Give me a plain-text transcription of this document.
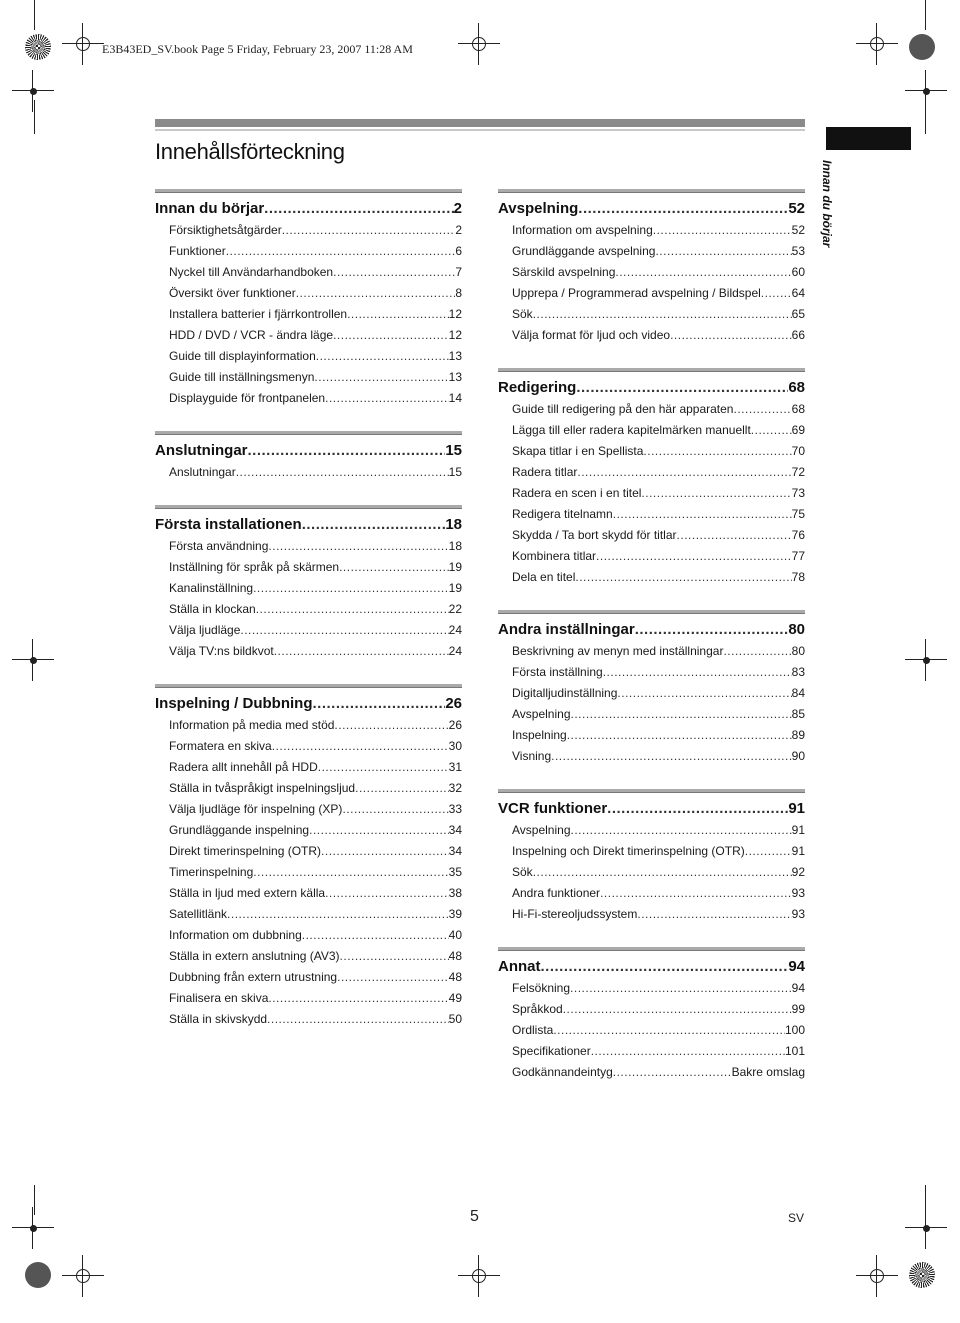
E3B43ED_SV.book Page 5 Friday, February 23, 2007 11:28 AM
Innehållsförteckning
Innan du börjar
Innan du börjar .....	2
Försiktighetsåtgärder .....	2
Funktioner .....	6
Nyckel till Användarhandboken .....	7
Översikt över funktioner .....	8
Installera batterier i fjärrkontrollen .....	12
HDD / DVD / VCR - ändra läge .....	12
Guide till displayinformation .....	13
Guide till inställningsmenyn .....	13
Displayguide för frontpanelen .....	14
Anslutningar .....	15
Anslutningar .....	15
Första installationen .....	18
Första användning .....	18
Inställning för språk på skärmen .....	19
Kanalinställning .....	19
Ställa in klockan .....	22
Välja ljudläge .....	24
Välja TV:ns bildkvot .....	24
Inspelning / Dubbning .....	26
Information på media med stöd .....	26
Formatera en skiva .....	30
Radera allt innehåll på HDD .....	31
Ställa in tvåspråkigt inspelningsljud .....	32
Välja ljudläge för inspelning (XP) .....	33
Grundläggande inspelning .....	34
Direkt timerinspelning (OTR) .....	34
Timerinspelning .....	35
Ställa in ljud med extern källa .....	38
Satellitlänk .....	39
Information om dubbning .....	40
Ställa in extern anslutning (AV3) .....	48
Dubbning från extern utrustning .....	48
Finalisera en skiva .....	49
Ställa in skivskydd .....	50
Avspelning .....	52
Information om avspelning .....	52
Grundläggande avspelning .....	53
Särskild avspelning .....	60
Upprepa / Programmerad avspelning / Bildspel .....	64
Sök .....	65
Välja format för ljud och video .....	66
Redigering .....	68
Guide till redigering på den här apparaten .....	68
Lägga till eller radera kapitelmärken manuellt .....	69
Skapa titlar i en Spellista .....	70
Radera titlar .....	72
Radera en scen i en titel .....	73
Redigera titelnamn .....	75
Skydda / Ta bort skydd för titlar .....	76
Kombinera titlar .....	77
Dela en titel .....	78
Andra inställningar .....	80
Beskrivning av menyn med inställningar .....	80
Första inställning .....	83
Digitalljudinställning .....	84
Avspelning .....	85
Inspelning .....	89
Visning .....	90
VCR funktioner .....	91
Avspelning .....	91
Inspelning och Direkt timerinspelning (OTR) .....	91
Sök .....	92
Andra funktioner .....	93
Hi-Fi-stereoljudssystem .....	93
Annat .....	94
Felsökning .....	94
Språkkod .....	99
Ordlista .....	100
Specifikationer .....	101
Godkännandeintyg .....	Bakre omslag
5	SV
